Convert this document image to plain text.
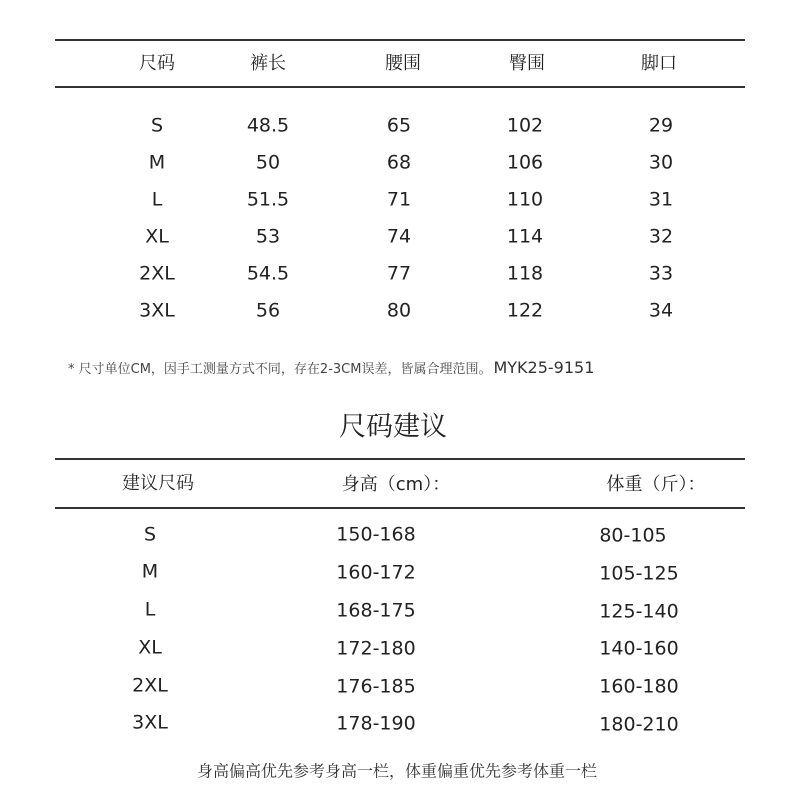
尺码	裤长	腰围	臀围	脚口
S	48.5	65	102	29
M	50	68	106	30
L	51.5	71	110	31
XL	53	74	114	32
2XL	54.5	77	118	33
3XL	56	80	122	34
* 尺寸单位CM，因手工测量方式不同，存在2-3CM误差，皆属合理范围。 MYK25-9151
尺码建议
建议尺码	身高（cm）：	体重（斤）：
S	150-168	80-105
M	160-172	105-125
L	168-175	125-140
XL	172-180	140-160
2XL	176-185	160-180
3XL	178-190	180-210
身高偏高优先参考身高一栏，体重偏重优先参考体重一栏
